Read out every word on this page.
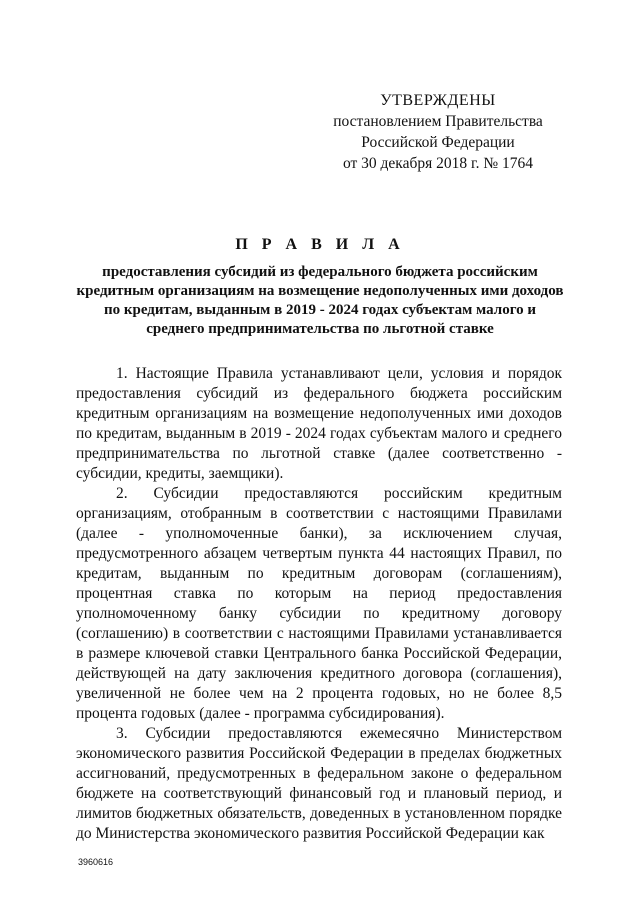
УТВЕРЖДЕНЫ
постановлением Правительства
Российской Федерации
от 30 декабря 2018 г. № 1764
П Р А В И Л А
предоставления субсидий из федерального бюджета российским кредитным организациям на возмещение недополученных ими доходов по кредитам, выданным в 2019 - 2024 годах субъектам малого и среднего предпринимательства по льготной ставке

1. Настоящие Правила устанавливают цели, условия и порядок предоставления субсидий из федерального бюджета российским кредитным организациям на возмещение недополученных ими доходов по кредитам, выданным в 2019 - 2024 годах субъектам малого и среднего предпринимательства по льготной ставке (далее соответственно - субсидии, кредиты, заемщики).

2. Субсидии предоставляются российским кредитным организациям, отобранным в соответствии с настоящими Правилами (далее - уполномоченные банки), за исключением случая, предусмотренного абзацем четвертым пункта 44 настоящих Правил, по кредитам, выданным по кредитным договорам (соглашениям), процентная ставка по которым на период предоставления уполномоченному банку субсидии по кредитному договору (соглашению) в соответствии с настоящими Правилами устанавливается в размере ключевой ставки Центрального банка Российской Федерации, действующей на дату заключения кредитного договора (соглашения), увеличенной не более чем на 2 процента годовых, но не более 8,5 процента годовых (далее - программа субсидирования).

3. Субсидии предоставляются ежемесячно Министерством экономического развития Российской Федерации в пределах бюджетных ассигнований, предусмотренных в федеральном законе о федеральном бюджете на соответствующий финансовый год и плановый период, и лимитов бюджетных обязательств, доведенных в установленном порядке до Министерства экономического развития Российской Федерации как

3960616
